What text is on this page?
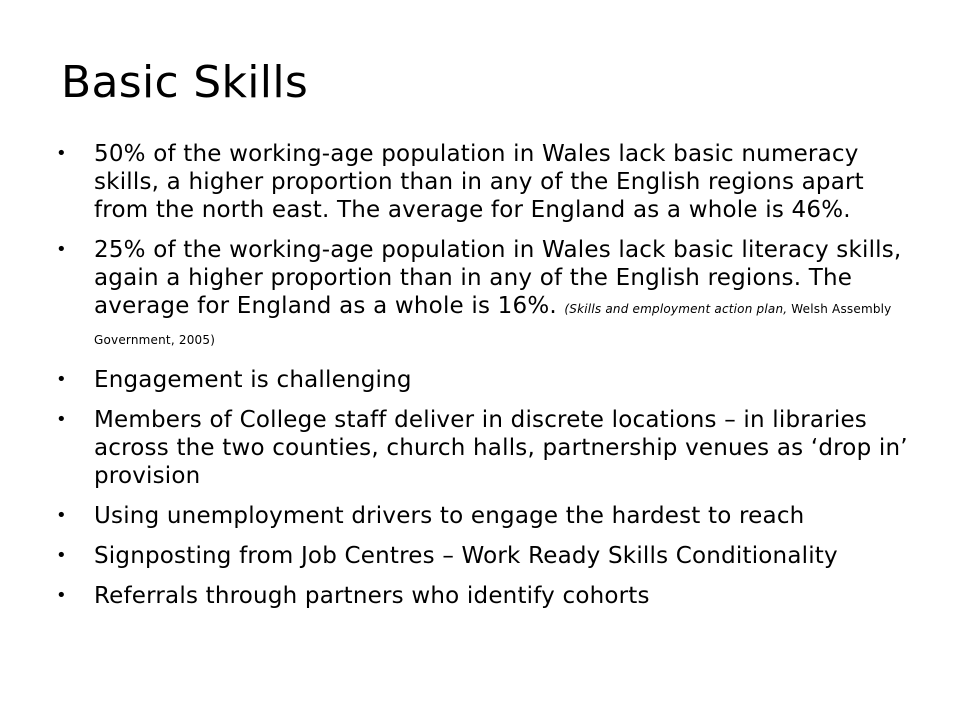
Basic Skills
• 50% of the working-age population in Wales lack basic numeracy skills, a higher proportion than in any of the English regions apart from the north east. The average for England as a whole is 46%.
• 25% of the working-age population in Wales lack basic literacy skills, again a higher proportion than in any of the English regions. The average for England as a whole is 16%. (Skills and employment action plan, Welsh Assembly Government, 2005)
• Engagement is challenging
• Members of College staff deliver in discrete locations – in libraries across the two counties, church halls, partnership venues as ‘drop in’ provision
• Using unemployment drivers to engage the hardest to reach
• Signposting from Job Centres – Work Ready Skills Conditionality
• Referrals through partners who identify cohorts
